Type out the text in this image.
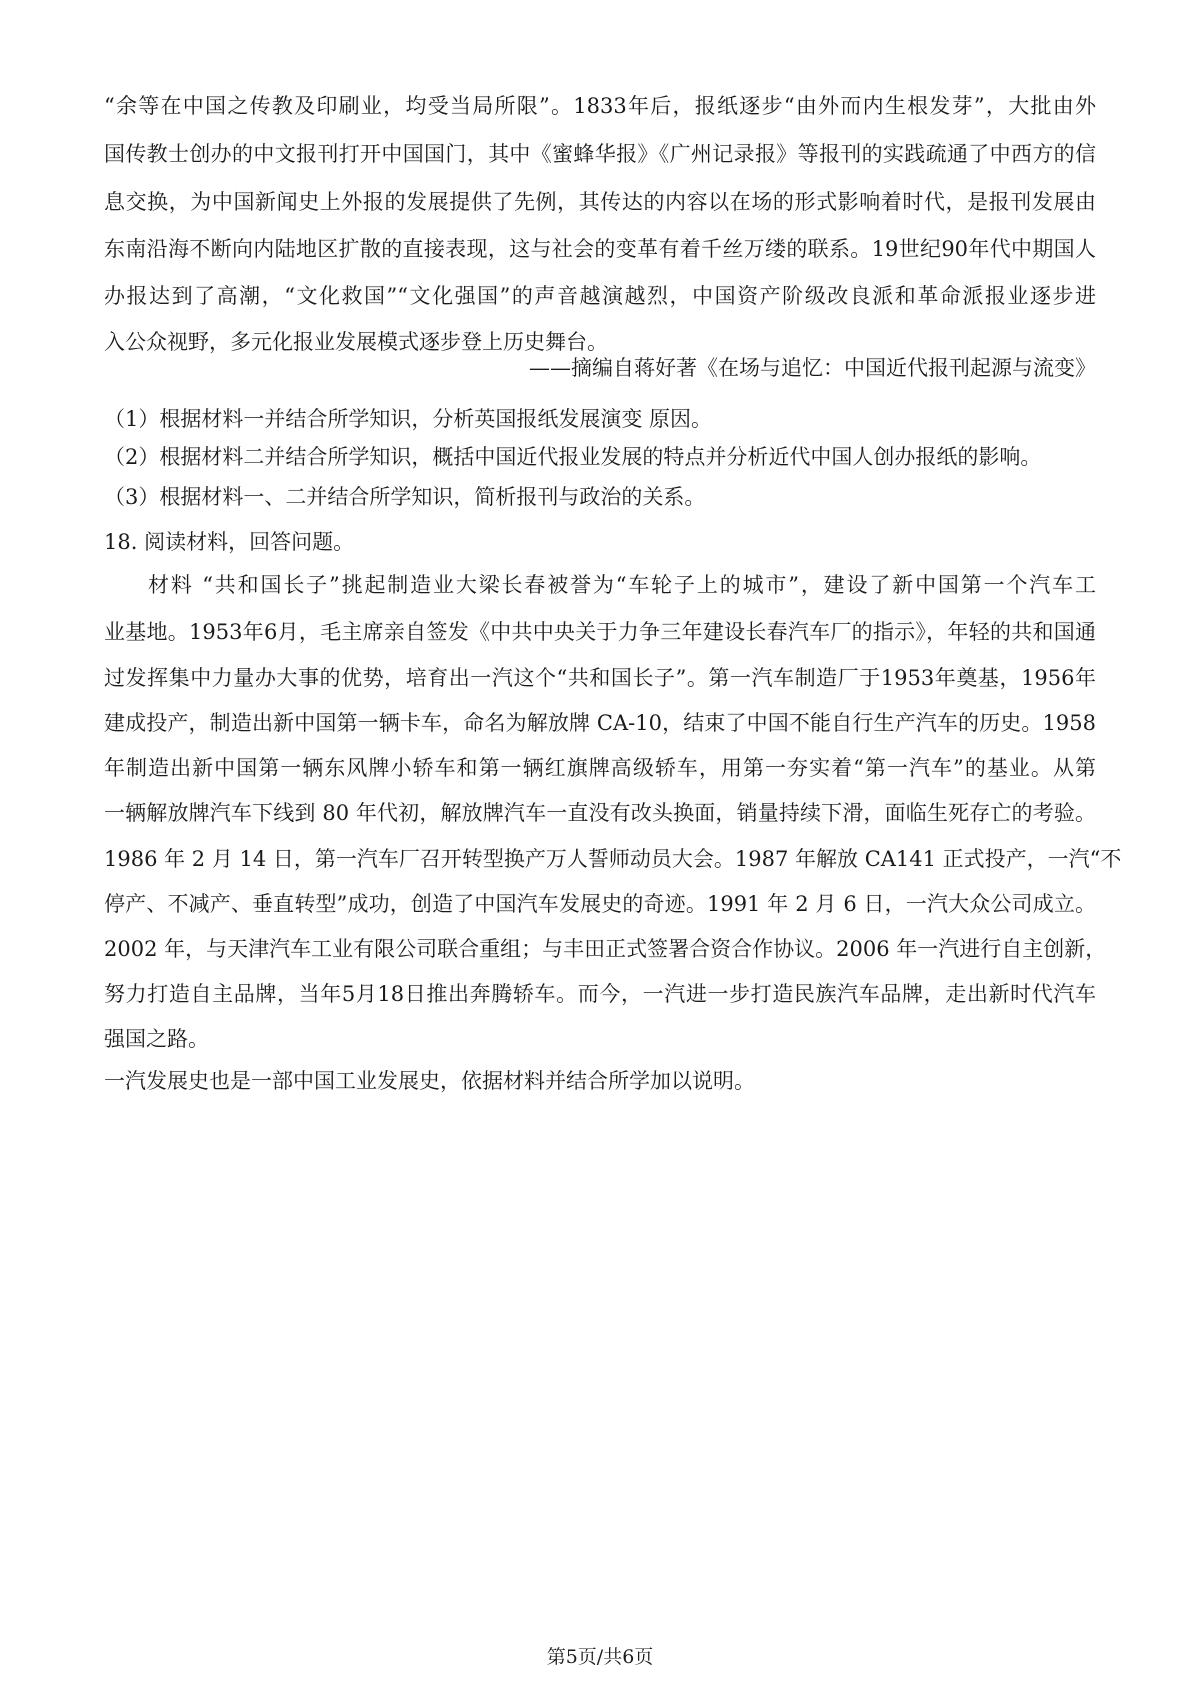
“余等在中国之传教及印刷业，均受当局所限”。1833年后，报纸逐步“由外而内生根发芽”，大批由外
国传教士创办的中文报刊打开中国国门，其中《蜜蜂华报》《广州记录报》等报刊的实践疏通了中西方的信
息交换，为中国新闻史上外报的发展提供了先例，其传达的内容以在场的形式影响着时代，是报刊发展由
东南沿海不断向内陆地区扩散的直接表现，这与社会的变革有着千丝万缕的联系。19世纪90年代中期国人
办报达到了高潮，“文化救国”“文化强国”的声音越演越烈，中国资产阶级改良派和革命派报业逐步进
入公众视野，多元化报业发展模式逐步登上历史舞台。
——摘编自蒋好著《在场与追忆：中国近代报刊起源与流变》
（1）根据材料一并结合所学知识，分析英国报纸发展演变 原因。
（2）根据材料二并结合所学知识，概括中国近代报业发展的特点并分析近代中国人创办报纸的影响。
（3）根据材料一、二并结合所学知识，简析报刊与政治的关系。
18. 阅读材料，回答问题。
材料 “共和国长子”挑起制造业大梁长春被誉为“车轮子上的城市”，建设了新中国第一个汽车工
业基地。1953年6月，毛主席亲自签发《中共中央关于力争三年建设长春汽车厂的指示》，年轻的共和国通
过发挥集中力量办大事的优势，培育出一汽这个“共和国长子”。第一汽车制造厂于1953年奠基，1956年
建成投产，制造出新中国第一辆卡车，命名为解放牌 CA-10，结束了中国不能自行生产汽车的历史。1958
年制造出新中国第一辆东风牌小轿车和第一辆红旗牌高级轿车，用第一夯实着“第一汽车”的基业。从第
一辆解放牌汽车下线到 80 年代初，解放牌汽车一直没有改头换面，销量持续下滑，面临生死存亡的考验。
1986 年 2 月 14 日，第一汽车厂召开转型换产万人誓师动员大会。1987 年解放 CA141 正式投产，一汽“不
停产、不减产、垂直转型”成功，创造了中国汽车发展史的奇迹。1991 年 2 月 6 日，一汽大众公司成立。
2002 年，与天津汽车工业有限公司联合重组；与丰田正式签署合资合作协议。2006 年一汽进行自主创新，
努力打造自主品牌，当年5月18日推出奔腾轿车。而今，一汽进一步打造民族汽车品牌，走出新时代汽车
强国之路。
一汽发展史也是一部中国工业发展史，依据材料并结合所学加以说明。
第5页/共6页
